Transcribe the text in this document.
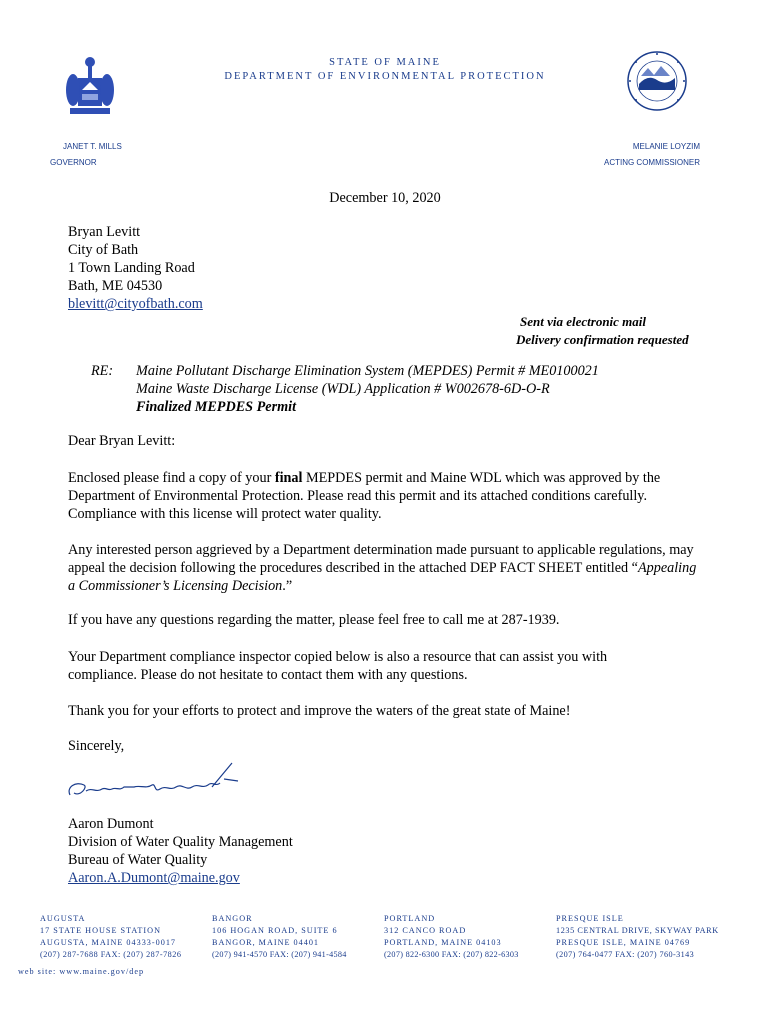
STATE OF MAINE
DEPARTMENT OF ENVIRONMENTAL PROTECTION
JANET T. MILLS
GOVERNOR
MELANIE LOYZIM
ACTING COMMISSIONER
December 10, 2020
Bryan Levitt
City of Bath
1 Town Landing Road
Bath, ME 04530
blevitt@cityofbath.com
Sent via electronic mail
Delivery confirmation requested
RE: Maine Pollutant Discharge Elimination System (MEPDES) Permit # ME0100021
Maine Waste Discharge License (WDL) Application # W002678-6D-O-R
Finalized MEPDES Permit
Dear Bryan Levitt:
Enclosed please find a copy of your final MEPDES permit and Maine WDL which was approved by the Department of Environmental Protection. Please read this permit and its attached conditions carefully. Compliance with this license will protect water quality.
Any interested person aggrieved by a Department determination made pursuant to applicable regulations, may appeal the decision following the procedures described in the attached DEP FACT SHEET entitled “Appealing a Commissioner’s Licensing Decision.”
If you have any questions regarding the matter, please feel free to call me at 287-1939.
Your Department compliance inspector copied below is also a resource that can assist you with compliance. Please do not hesitate to contact them with any questions.
Thank you for your efforts to protect and improve the waters of the great state of Maine!
Sincerely,
Aaron Dumont
Aaron Dumont
Division of Water Quality Management
Bureau of Water Quality
Aaron.A.Dumont@maine.gov
AUGUSTA
17 STATE HOUSE STATION
AUGUSTA, MAINE 04333-0017
(207) 287-7688 FAX: (207) 287-7826
BANGOR
106 HOGAN ROAD, SUITE 6
BANGOR, MAINE 04401
(207) 941-4570 FAX: (207) 941-4584
PORTLAND
312 CANCO ROAD
PORTLAND, MAINE 04103
(207) 822-6300 FAX: (207) 822-6303
PRESQUE ISLE
1235 CENTRAL DRIVE, SKYWAY PARK
PRESQUE ISLE, MAINE 04769
(207) 764-0477 FAX: (207) 760-3143
web site: www.maine.gov/dep
